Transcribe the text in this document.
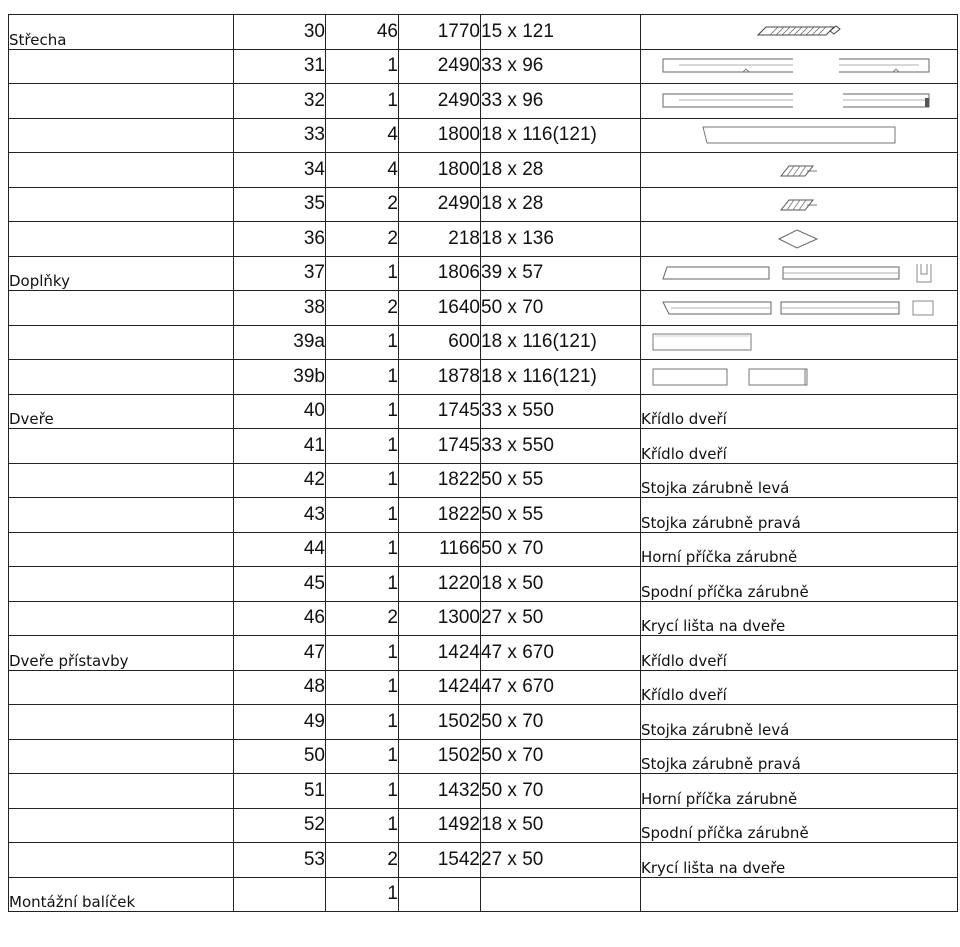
Střecha	30	46	1770	15 x 121	

	31	1	2490	33 x 96	

	32	1	2490	33 x 96	

	33	4	1800	18 x 116(121)	

	34	4	1800	18 x 28	

	35	2	2490	18 x 28	

	36	2	218	18 x 136	

Doplňky	37	1	1806	39 x 57	

	38	2	1640	50 x 70	

	39a	1	600	18 x 116(121)	

	39b	1	1878	18 x 116(121)	

Dveře	40	1	1745	33 x 550	Křídlo dveří
	41	1	1745	33 x 550	Křídlo dveří
	42	1	1822	50 x 55	Stojka zárubně levá
	43	1	1822	50 x 55	Stojka zárubně pravá
	44	1	1166	50 x 70	Horní příčka zárubně
	45	1	1220	18 x 50	Spodní příčka zárubně
	46	2	1300	27 x 50	Krycí lišta na dveře
Dveře přístavby	47	1	1424	47 x 670	Křídlo dveří
	48	1	1424	47 x 670	Křídlo dveří
	49	1	1502	50 x 70	Stojka zárubně levá
	50	1	1502	50 x 70	Stojka zárubně pravá
	51	1	1432	50 x 70	Horní příčka zárubně
	52	1	1492	18 x 50	Spodní příčka zárubně
	53	2	1542	27 x 50	Krycí lišta na dveře
Montážní balíček		1			
